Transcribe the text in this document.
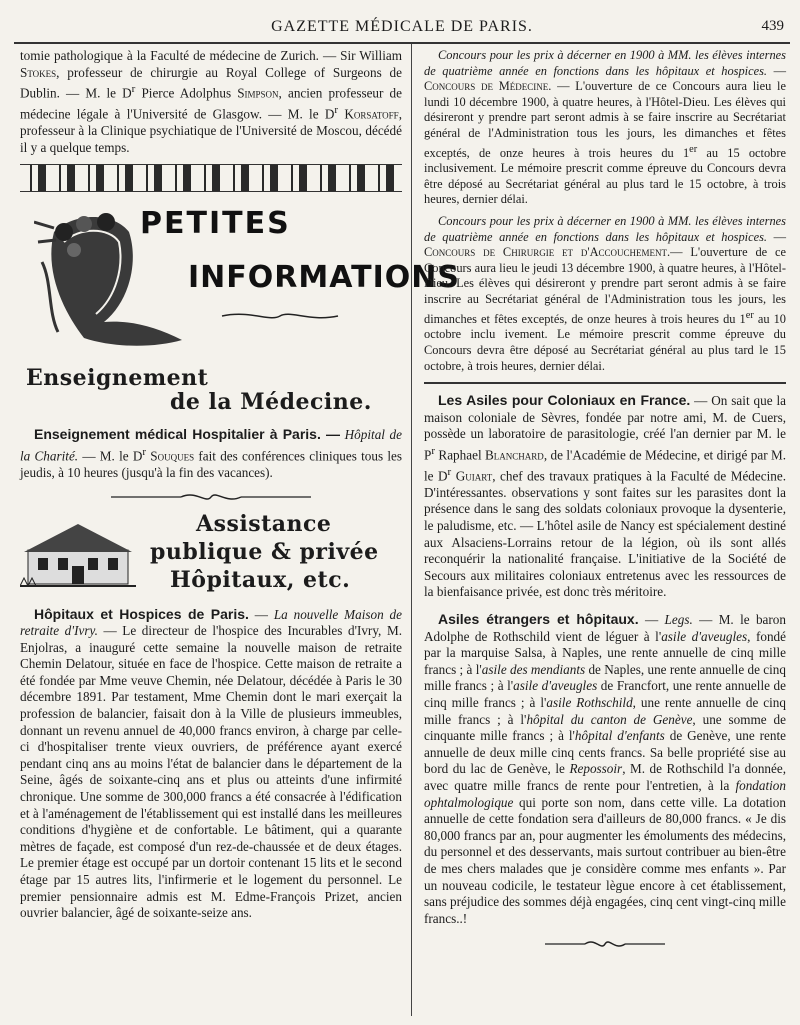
GAZETTE MÉDICALE DE PARIS.	439

tomie pathologique à la Faculté de médecine de Zurich. — Sir William Stokes, professeur de chirurgie au Royal College of Surgeons de Dublin. — M. le $D^r$ Pierce Adolphus Simpson, ancien professeur de médecine légale à l'Université de Glasgow. — M. le $D^r$ Korsatoff, professeur à la Clinique psychiatique de l'Université de Moscou, décédé il y a quelque temps.

PETITES
INFORMATIONS
Enseignement
de la Médecine.

Enseignement médical Hospitalier à Paris. — Hôpital de la Charité. — M. le $D^r$ Souques fait des conférences cliniques tous les jeudis, à 10 heures (jusqu'à la fin des vacances).

Assistance
publique & privée
Hôpitaux, etc.

Hôpitaux et Hospices de Paris. — La nouvelle Maison de retraite d'Ivry. — Le directeur de l'hospice des Incurables d'Ivry, M. Enjolras, a inauguré cette semaine la nouvelle maison de retraite Chemin Delatour, située en face de l'hospice. Cette maison de retraite a été fondée par Mme veuve Chemin, née Delatour, décédée à Paris le 30 décembre 1891. Par testament, Mme Chemin dont le mari exerçait la profession de balancier, faisait don à la Ville de plusieurs immeubles, donnant un revenu annuel de 40,000 francs environ, à charge par celle-ci d'hospitaliser trente vieux ouvriers, de préférence ayant exercé pendant cinq ans au moins l'état de balancier dans le département de la Seine, âgés de soixante-cinq ans et plus ou atteints d'une infirmité chronique. Une somme de 300,000 francs a été consacrée à l'édification et à l'aménagement de l'établissement qui est installé dans les meilleures conditions d'hygiène et de confortable. Le bâtiment, qui a quarante mètres de façade, est composé d'un rez-de-chaussée et de deux étages. Le premier étage est occupé par un dortoir contenant 15 lits et le second étage par 15 autres lits, l'infirmerie et le logement du personnel. Le premier pensionnaire admis est M. Edme-François Prizet, ancien ouvrier balancier, âgé de soixante-seize ans.

Concours pour les prix à décerner en 1900 à MM. les élèves internes de quatrième année en fonctions dans les hôpitaux et hospices. — Concours de Médecine. — L'ouverture de ce Concours aura lieu le lundi 10 décembre 1900, à quatre heures, à l'Hôtel-Dieu. Les élèves qui désireront y prendre part seront admis à se faire inscrire au Secrétariat général de l'Administration tous les jours, les dimanches et fêtes exceptés, de onze heures à trois heures du 1er au 15 octobre inclusivement. Le mémoire prescrit comme épreuve du Concours devra être déposé au Secrétariat général au plus tard le 15 octobre, à trois heures, dernier délai.

Concours pour les prix à décerner en 1900 à MM. les élèves internes de quatrième année en fonctions dans les hôpitaux et hospices. — Concours de Chirurgie et d'Accouchement.— L'ouverture de ce Concours aura lieu le jeudi 13 décembre 1900, à quatre heures, à l'Hôtel-Dieu. Les élèves qui désireront y prendre part seront admis à se faire inscrire au Secrétariat général de l'Administration tous les jours, les dimanches et fêtes exceptés, de onze heures à trois heures du 1er au 10 octobre inclu ivement. Le mémoire prescrit comme épreuve du Concours devra être déposé au Secrétariat général au plus tard le 15 octobre, à trois heures, dernier délai.

Les Asiles pour Coloniaux en France. — On sait que la maison coloniale de Sèvres, fondée par notre ami, M. de Cuers, possède un laboratoire de parasitologie, créé l'an dernier par M. le $P^r$ Raphael Blanchard, de l'Académie de Médecine, et dirigé par M. le $D^r$ Guiart, chef des travaux pratiques à la Faculté de Médecine. D'intéressantes. observations y sont faites sur les parasites dont la présence dans le sang des soldats coloniaux provoque la dysenterie, le paludisme, etc. — L'hôtel asile de Nancy est spécialement destiné aux Alsaciens-Lorrains retour de la légion, où ils sont allés reconquérir la nationalité française. L'initiative de la Société de Secours aux militaires coloniaux entretenus avec les ressources de la bienfaisance privée, est donc très méritoire.

Asiles étrangers et hôpitaux. — Legs. — M. le baron Adolphe de Rothschild vient de léguer à l'asile d'aveugles, fondé par la marquise Salsa, à Naples, une rente annuelle de cinq mille francs ; à l'asile des mendiants de Naples, une rente annuelle de cinq mille francs ; à l'asile d'aveugles de Francfort, une rente annuelle de cinq mille francs ; à l'asile Rothschild, une rente annuelle de cinq mille francs ; à l'hôpital du canton de Genève, une somme de cinquante mille francs ; à l'hôpital d'enfants de Genève, une rente annuelle de deux mille cinq cents francs. Sa belle propriété sise au bord du lac de Genève, le Repossoir, M. de Rothschild l'a donnée, avec quatre mille francs de rente pour l'entretien, à la fondation ophtalmologique qui porte son nom, dans cette ville. La dotation annuelle de cette fondation sera d'ailleurs de 80,000 francs. « Je dis 80,000 francs par an, pour augmenter les émoluments des médecins, du personnel et des desservants, mais surtout contribuer au bien-être de mes chers malades que je considère comme mes enfants ». Par un nouveau codicile, le testateur lègue encore à cet établissement, sans préjudice des sommes déjà engagées, cinq cent vingt-cinq mille francs..!
